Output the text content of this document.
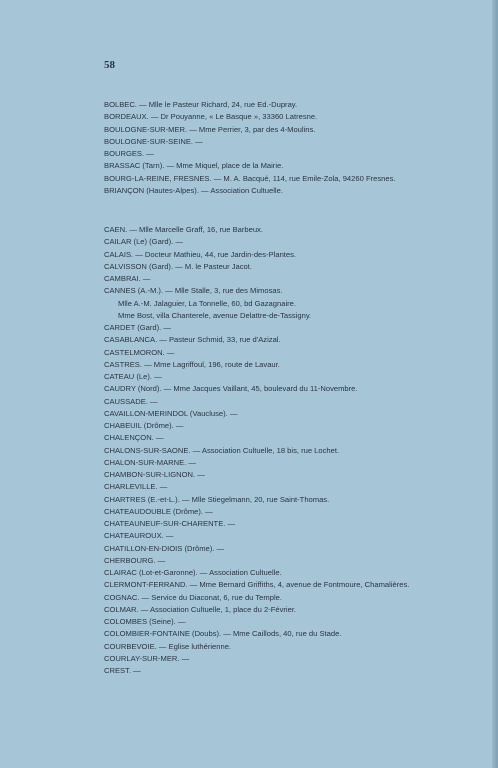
58
BOLBEC. — Mlle le Pasteur Richard, 24, rue Ed.-Dupray.
BORDEAUX. — Dr Pouyanne, « Le Basque », 33360 Latresne.
BOULOGNE-SUR-MER. — Mme Perrier, 3, par des 4-Moulins.
BOULOGNE-SUR-SEINE. —
BOURGES. —
BRASSAC (Tarn). — Mme Miquel, place de la Mairie.
BOURG-LA-REINE, FRESNES. — M. A. Bacqué, 114, rue Emile-Zola, 94260 Fresnes.
BRIANÇON (Hautes-Alpes). — Association Cultuelle.
CAEN. — Mlle Marcelle Graff, 16, rue Barbeux.
CAILAR (Le) (Gard). —
CALAIS. — Docteur Mathieu, 44, rue Jardin-des-Plantes.
CALVISSON (Gard). — M. le Pasteur Jacot.
CAMBRAI. —
CANNES (A.-M.). — Mlle Stalle, 3, rue des Mimosas.
Mlle A.-M. Jalaguier, La Tonnelle, 60, bd Gazagnaire.
Mme Bost, villa Chanterele, avenue Delattre-de-Tassigny.
CARDET (Gard). —
CASABLANCA. — Pasteur Schmid, 33, rue d'Azizal.
CASTELMORON. —
CASTRES. — Mme Lagriffoul, 196, route de Lavaur.
CATEAU (Le). —
CAUDRY (Nord). — Mme Jacques Vaillant, 45, boulevard du 11-Novembre.
CAUSSADE. —
CAVAILLON-MERINDOL (Vaucluse). —
CHABEUIL (Drôme). —
CHALENÇON. —
CHALONS-SUR-SAONE. — Association Cultuelle, 18 bis, rue Lochet.
CHALON-SUR-MARNE. —
CHAMBON-SUR-LIGNON. —
CHARLEVILLE. —
CHARTRES (E.-et-L.). — Mlle Stiegelmann, 20, rue Saint-Thomas.
CHATEAUDOUBLE (Drôme). —
CHATEAUNEUF-SUR-CHARENTE. —
CHATEAUROUX. —
CHATILLON-EN-DIOIS (Drôme). —
CHERBOURG. —
CLAIRAC (Lot-et-Garonne). — Association Cultuelle.
CLERMONT-FERRAND. — Mme Bernard Griffiths, 4, avenue de Fontmoure, Chamalières.
COGNAC. — Service du Diaconat, 6, rue du Temple.
COLMAR. — Association Cultuelle, 1, place du 2-Février.
COLOMBES (Seine). —
COLOMBIER-FONTAINE (Doubs). — Mme Caillods, 40, rue du Stade.
COURBEVOIE. — Eglise luthérienne.
COURLAY-SUR-MER. —
CREST. —
